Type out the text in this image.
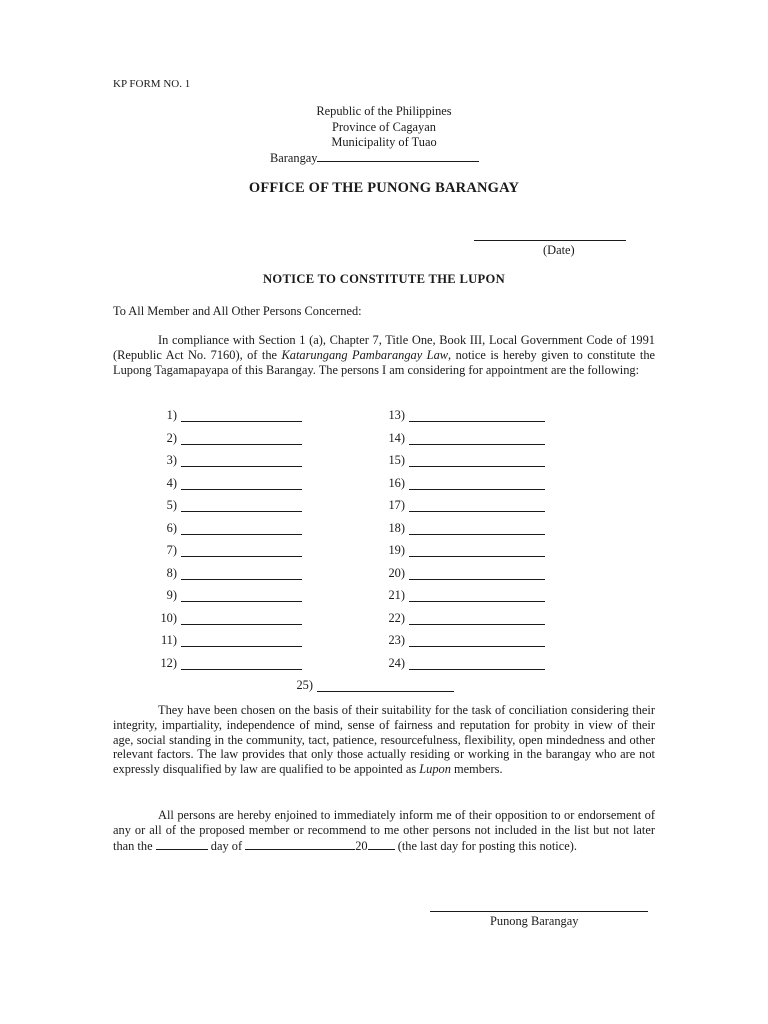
KP FORM NO. 1
Republic of the Philippines
Province of Cagayan
Municipality of Tuao
Barangay
OFFICE OF THE PUNONG BARANGAY
(Date)
NOTICE TO CONSTITUTE THE LUPON
To All Member and All Other Persons Concerned:
In compliance with Section 1 (a), Chapter 7, Title One, Book III, Local Government Code of 1991 (Republic Act No. 7160), of the Katarungang Pambarangay Law, notice is hereby given to constitute the Lupong Tagamapayapa of this Barangay. The persons I am considering for appointment are the following:
1)
2)
3)
4)
5)
6)
7)
8)
9)
10)
11)
12)
13)
14)
15)
16)
17)
18)
19)
20)
21)
22)
23)
24)
25)
They have been chosen on the basis of their suitability for the task of conciliation considering their integrity, impartiality, independence of mind, sense of fairness and reputation for probity in view of their age, social standing in the community, tact, patience, resourcefulness, flexibility, open mindedness and other relevant factors. The law provides that only those actually residing or working in the barangay who are not expressly disqualified by law are qualified to be appointed as Lupon members.
All persons are hereby enjoined to immediately inform me of their opposition to or endorsement of any or all of the proposed member or recommend to me other persons not included in the list but not later than the	day of	20 (the last day for posting this notice).
Punong Barangay
